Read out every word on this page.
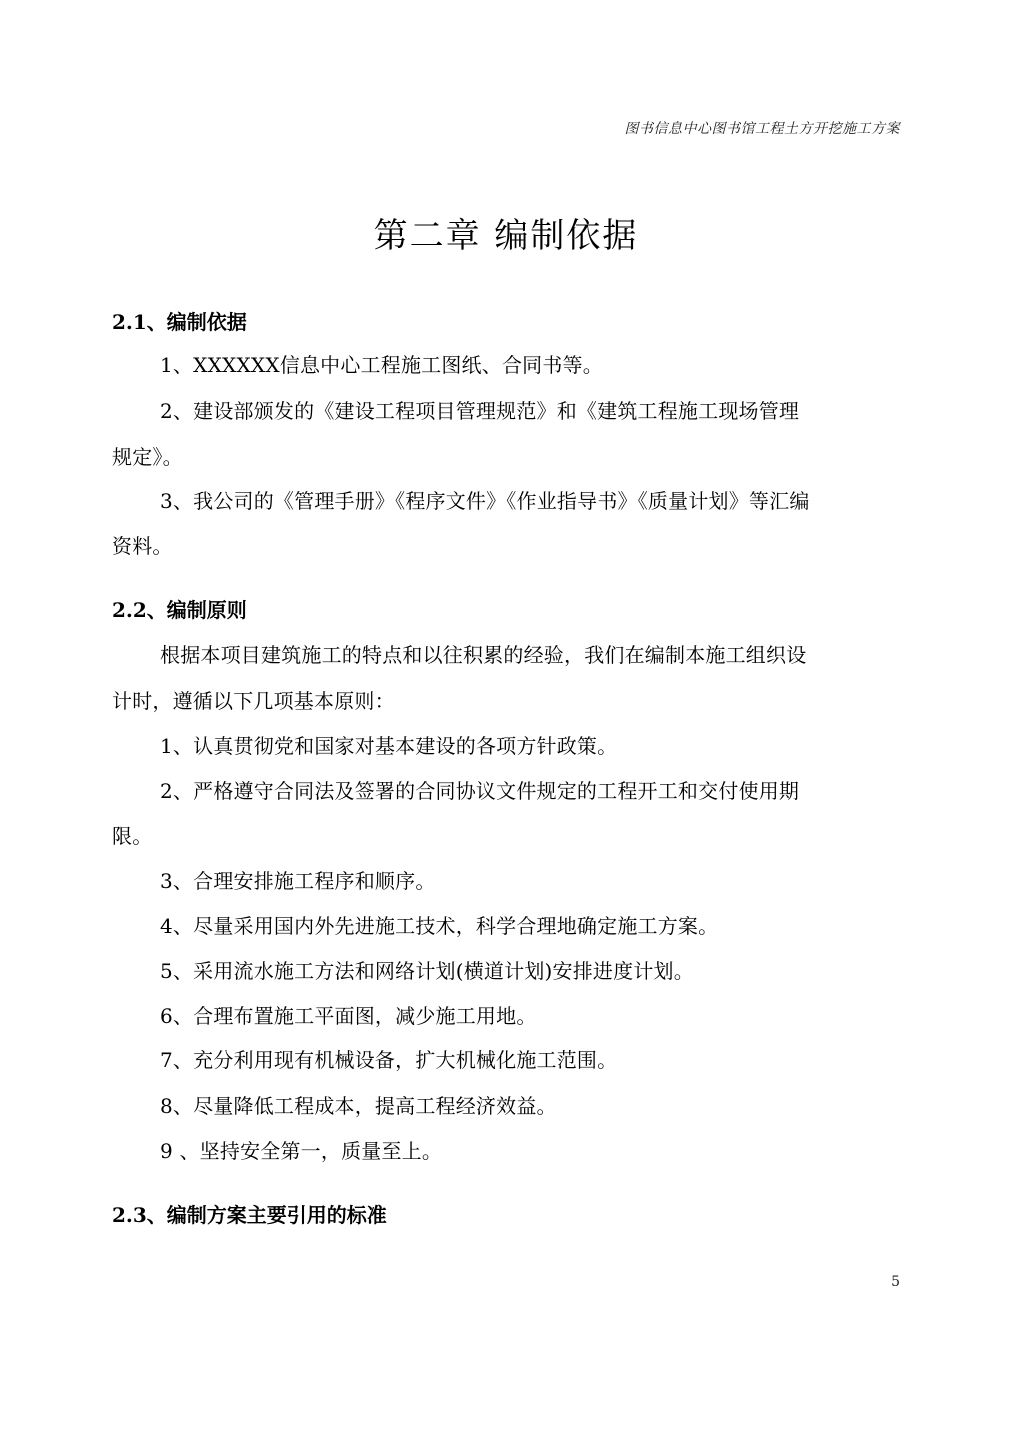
图书信息中心图书馆工程土方开挖施工方案
第二章 编制依据
2.1、编制依据
1、XXXXXX信息中心工程施工图纸、合同书等。
2、建设部颁发的《建设工程项目管理规范》和《建筑工程施工现场管理
规定》。
3、我公司的《管理手册》《程序文件》《作业指导书》《质量计划》等汇编
资料。
2.2、编制原则
根据本项目建筑施工的特点和以往积累的经验，我们在编制本施工组织设
计时，遵循以下几项基本原则：
1、认真贯彻党和国家对基本建设的各项方针政策。
2、严格遵守合同法及签署的合同协议文件规定的工程开工和交付使用期
限。
3、合理安排施工程序和顺序。
4、尽量采用国内外先进施工技术，科学合理地确定施工方案。
5、采用流水施工方法和网络计划(横道计划)安排进度计划。
6、合理布置施工平面图，减少施工用地。
7、充分利用现有机械设备，扩大机械化施工范围。
8、尽量降低工程成本，提高工程经济效益。
9 、坚持安全第一，质量至上。
2.3、编制方案主要引用的标准
5
